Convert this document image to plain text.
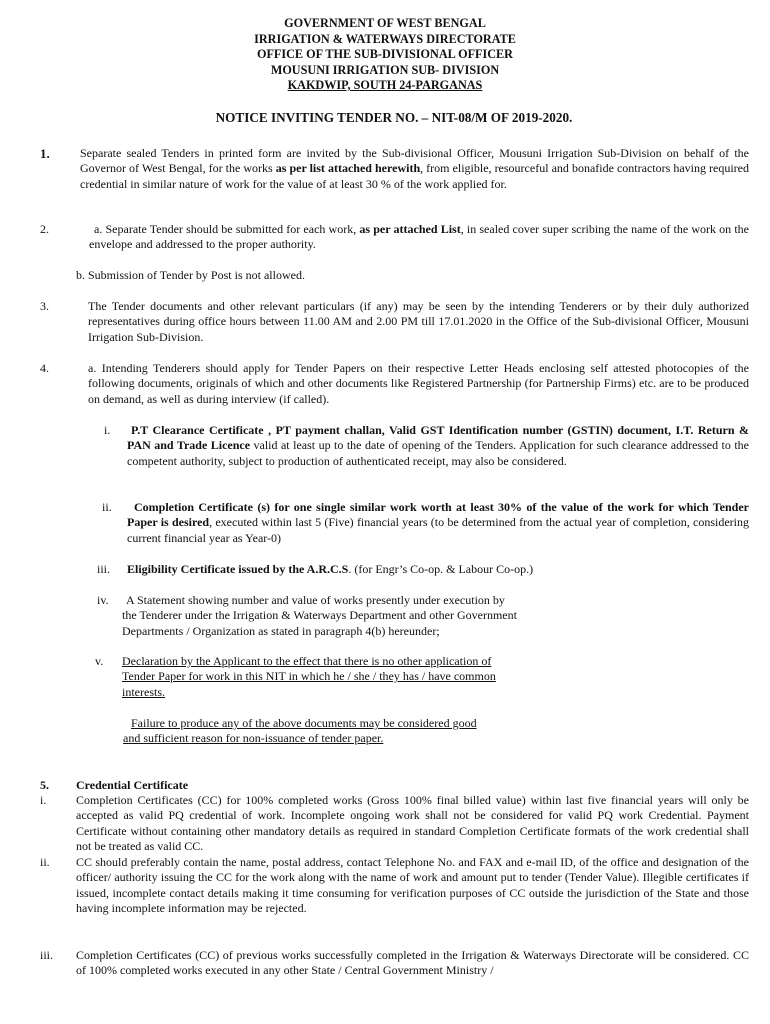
GOVERNMENT OF WEST BENGAL
IRRIGATION & WATERWAYS DIRECTORATE
OFFICE OF THE SUB-DIVISIONAL OFFICER
MOUSUNI IRRIGATION SUB- DIVISION
KAKDWIP, SOUTH 24-PARGANAS
NOTICE INVITING TENDER NO. – NIT-08/M OF 2019-2020.
1.	Separate sealed Tenders in printed form are invited by the Sub-divisional Officer, Mousuni Irrigation Sub-Division on behalf of the Governor of West Bengal, for the works as per list attached herewith, from eligible, resourceful and bonafide contractors having required credential in similar nature of work for the value of at least 30 % of the work applied for.
2.	a. Separate Tender should be submitted for each work, as per attached List, in sealed cover super scribing the name of the work on the envelope and addressed to the proper authority.
b. Submission of Tender by Post is not allowed.
3.	The Tender documents and other relevant particulars (if any) may be seen by the intending Tenderers or by their duly authorized representatives during office hours between 11.00 AM and 2.00 PM till 17.01.2020 in the Office of the Sub-divisional Officer, Mousuni Irrigation Sub-Division.
4.	a. Intending Tenderers should apply for Tender Papers on their respective Letter Heads enclosing self attested photocopies of the following documents, originals of which and other documents like Registered Partnership (for Partnership Firms) etc. are to be produced on demand, as well as during interview (if called).
i.	P.T Clearance Certificate , PT payment challan, Valid GST Identification number (GSTIN) document, I.T. Return & PAN and Trade Licence valid at least up to the date of opening of the Tenders. Application for such clearance addressed to the competent authority, subject to production of authenticated receipt, may also be considered.
ii.	Completion Certificate (s) for one single similar work worth at least 30% of the value of the work for which Tender Paper is desired, executed within last 5 (Five) financial years (to be determined from the actual year of completion, considering current financial year as Year-0)
iii. Eligibility Certificate issued by the A.R.C.S. (for Engr’s Co-op. & Labour Co-op.)
iv.	A Statement showing number and value of works presently under execution by
the Tenderer under the Irrigation & Waterways Department and other Government
Departments / Organization as stated in paragraph 4(b) hereunder;
v. Declaration by the Applicant to the effect that there is no other application of
Tender Paper for work in this NIT in which he / she / they has / have common
interests.
Failure to produce any of the above documents may be considered good
and sufficient reason for non-issuance of tender paper.
5. Credential Certificate
i. Completion Certificates (CC) for 100% completed works (Gross 100% final billed value) within last five financial years will only be accepted as valid PQ credential of work. Incomplete ongoing work shall not be considered for valid PQ work Credential. Payment Certificate without containing other mandatory details as required in standard Completion Certificate formats of the work credential shall not be treated as valid CC.
ii. CC should preferably contain the name, postal address, contact Telephone No. and FAX and e-mail ID, of the office and designation of the officer/ authority issuing the CC for the work along with the name of work and amount put to tender (Tender Value). Illegible certificates if issued, incomplete contact details making it time consuming for verification purposes of CC outside the jurisdiction of the State and those having incomplete information may be rejected.
iii. Completion Certificates (CC) of previous works successfully completed in the Irrigation & Waterways Directorate will be considered. CC of 100% completed works executed in any other State / Central Government Ministry /
